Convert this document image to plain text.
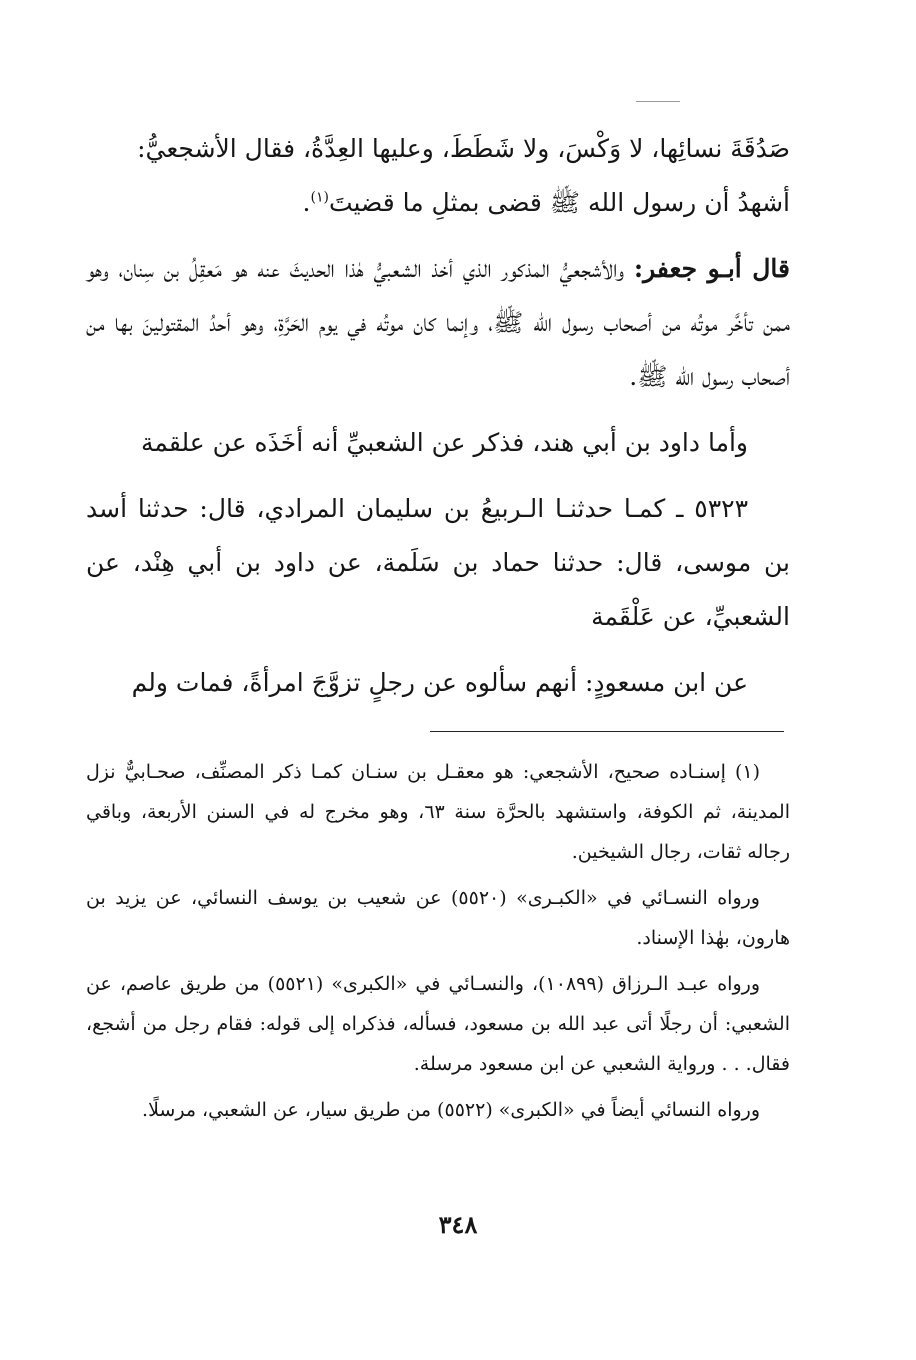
صَدُقَةَ نسائِها، لا وَكْسَ، ولا شَطَطَ، وعليها العِدَّةُ، فقال الأشجعيُّ:
أشهدُ أن رسول الله ﷺ قضى بمثلِ ما قضيتَ$^{(١)}$.

قال أبـو جعفر: والأشجعيُّ المذكور الذي أخذ الشعبيُّ هٰذا الحديثَ عنه هو مَعقِلُ بن سِنان، وهو ممن تأخَّر موتُه من أصحاب رسول الله ﷺ، وإنما كان موتُه في يوم الحَرَّةِ، وهو أحدُ المقتولينَ بها من أصحاب رسول الله ﷺ.

وأما داود بن أبي هند، فذكر عن الشعبيِّ أنه أخَذَه عن علقمة

٥٣٢٣ ـ كمـا حدثنـا الـربيعُ بن سليمان المرادي، قال: حدثنا أسد بن موسى، قال: حدثنا حماد بن سَلَمة، عن داود بن أبي هِنْد، عن الشعبيِّ، عن عَلْقَمة

عن ابن مسعودٍ: أنهم سألوه عن رجلٍ تزوَّجَ امرأةً، فمات ولم

(١) إسنـاده صحيح، الأشجعي: هو معقـل بن سنـان كمـا ذكر المصنِّف، صحـابيٌّ نزل المدينة، ثم الكوفة، واستشهد بالحرَّة سنة ٦٣، وهو مخرج له في السنن الأربعة، وباقي رجاله ثقات، رجال الشيخين.

ورواه النسـائي في «الكبـرى» (٥٥٢٠) عن شعيب بن يوسف النسائي، عن يزيد بن هارون، بهٰذا الإسناد.

ورواه عبـد الـرزاق (١٠٨٩٩)، والنسـائي في «الكبرى» (٥٥٢١) من طريق عاصم، عن الشعبي: أن رجلًا أتى عبد الله بن مسعود، فسأله، فذكراه إلى قوله: فقام رجل من أشجع، فقال. . . ورواية الشعبي عن ابن مسعود مرسلة.

ورواه النسائي أيضاً في «الكبرى» (٥٥٢٢) من طريق سيار، عن الشعبي، مرسلًا.

٣٤٨
